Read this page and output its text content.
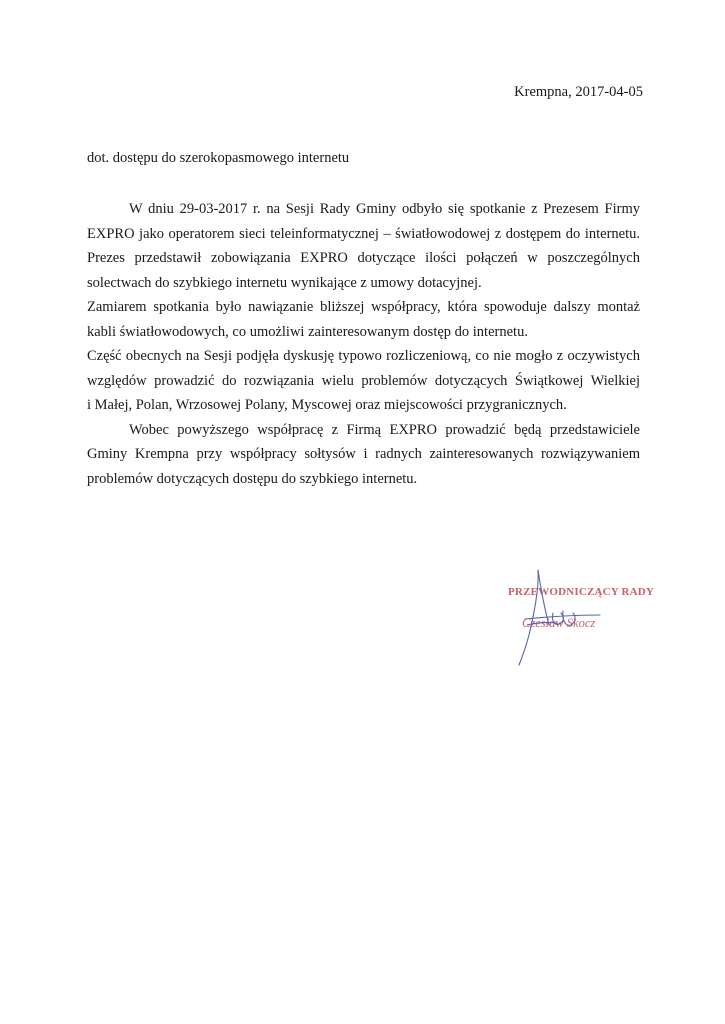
Krempna, 2017-04-05
dot. dostępu do szerokopasmowego internetu
W dniu 29-03-2017 r. na Sesji Rady Gminy odbyło się spotkanie z Prezesem Firmy
EXPRO jako operatorem sieci teleinformatycznej – światłowodowej z dostępem do internetu.
Prezes przedstawił zobowiązania EXPRO dotyczące ilości połączeń w poszczególnych
solectwach do szybkiego internetu wynikające z umowy dotacyjnej.
Zamiarem spotkania było nawiązanie bliższej współpracy, która spowoduje dalszy montaż
kabli światłowodowych, co umożliwi zainteresowanym dostęp do internetu.
Część obecnych na Sesji podjęła dyskusję typowo rozliczeniową, co nie mogło z oczywistych
względów prowadzić do rozwiązania wielu problemów dotyczących Świątkowej Wielkiej
i Małej, Polan, Wrzosowej Polany, Myscowej oraz miejscowości przygranicznych.
Wobec powyższego współpracę z Firmą EXPRO prowadzić będą przedstawiciele
Gminy Krempna przy współpracy sołtysów i radnych zainteresowanych rozwiązywaniem
problemów dotyczących dostępu do szybkiego internetu.
PRZEWODNICZĄCY RADY
Czesław Skocz
